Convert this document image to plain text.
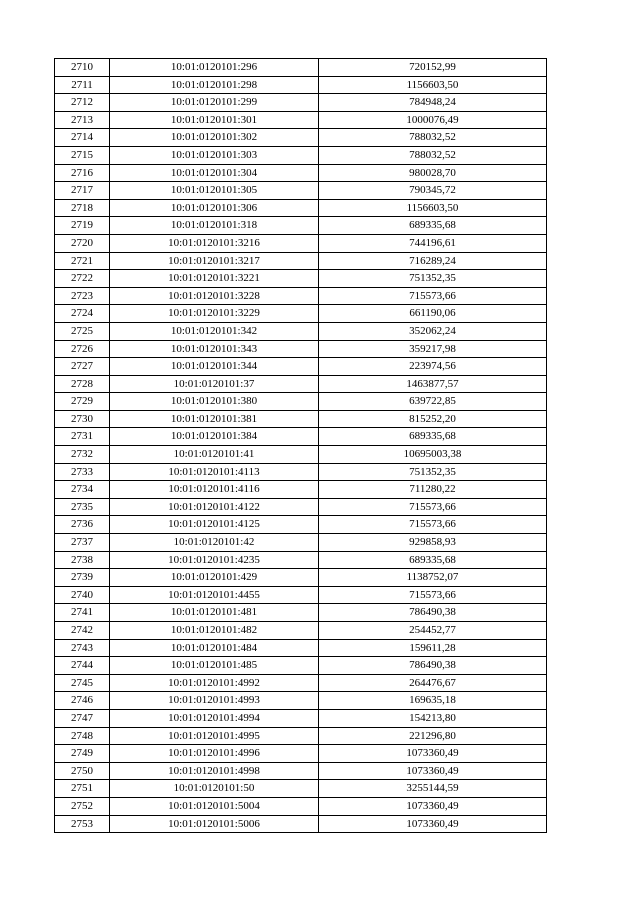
2710	10:01:0120101:296	720152,99
2711	10:01:0120101:298	1156603,50
2712	10:01:0120101:299	784948,24
2713	10:01:0120101:301	1000076,49
2714	10:01:0120101:302	788032,52
2715	10:01:0120101:303	788032,52
2716	10:01:0120101:304	980028,70
2717	10:01:0120101:305	790345,72
2718	10:01:0120101:306	1156603,50
2719	10:01:0120101:318	689335,68
2720	10:01:0120101:3216	744196,61
2721	10:01:0120101:3217	716289,24
2722	10:01:0120101:3221	751352,35
2723	10:01:0120101:3228	715573,66
2724	10:01:0120101:3229	661190,06
2725	10:01:0120101:342	352062,24
2726	10:01:0120101:343	359217,98
2727	10:01:0120101:344	223974,56
2728	10:01:0120101:37	1463877,57
2729	10:01:0120101:380	639722,85
2730	10:01:0120101:381	815252,20
2731	10:01:0120101:384	689335,68
2732	10:01:0120101:41	10695003,38
2733	10:01:0120101:4113	751352,35
2734	10:01:0120101:4116	711280,22
2735	10:01:0120101:4122	715573,66
2736	10:01:0120101:4125	715573,66
2737	10:01:0120101:42	929858,93
2738	10:01:0120101:4235	689335,68
2739	10:01:0120101:429	1138752,07
2740	10:01:0120101:4455	715573,66
2741	10:01:0120101:481	786490,38
2742	10:01:0120101:482	254452,77
2743	10:01:0120101:484	159611,28
2744	10:01:0120101:485	786490,38
2745	10:01:0120101:4992	264476,67
2746	10:01:0120101:4993	169635,18
2747	10:01:0120101:4994	154213,80
2748	10:01:0120101:4995	221296,80
2749	10:01:0120101:4996	1073360,49
2750	10:01:0120101:4998	1073360,49
2751	10:01:0120101:50	3255144,59
2752	10:01:0120101:5004	1073360,49
2753	10:01:0120101:5006	1073360,49
